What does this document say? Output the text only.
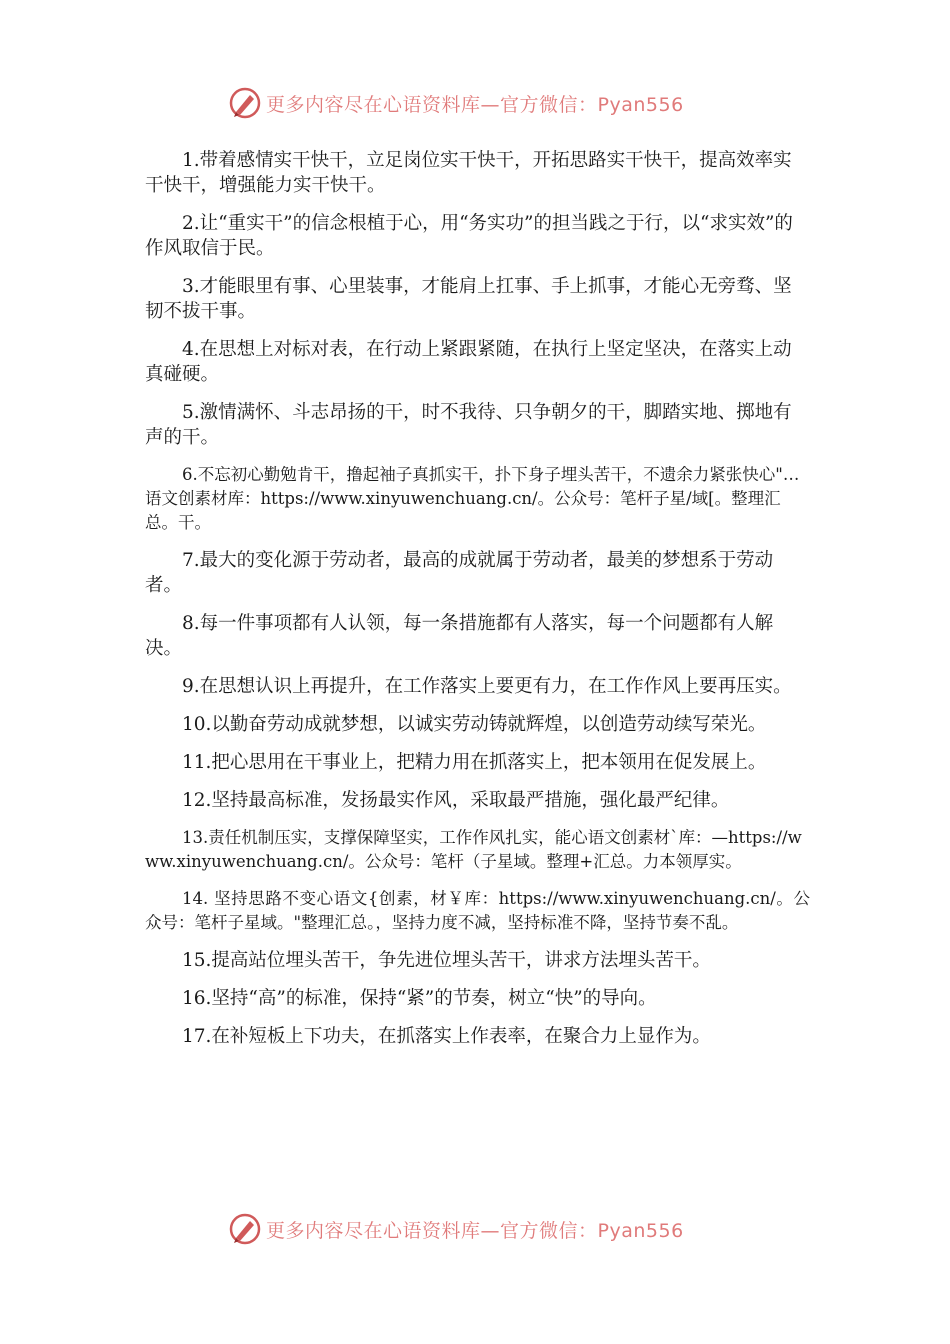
更多内容尽在心语资料库—官方微信：Pyan556

1.带着感情实干快干，立足岗位实干快干，开拓思路实干快干，提高效率实干快干，增强能力实干快干。

2.让“重实干”的信念根植于心，用“务实功”的担当践之于行，以“求实效”的作风取信于民。

3.才能眼里有事、心里装事，才能肩上扛事、手上抓事，才能心无旁骛、坚韧不拔干事。

4.在思想上对标对表，在行动上紧跟紧随，在执行上坚定坚决，在落实上动真碰硬。

5.激情满怀、斗志昂扬的干，时不我待、只争朝夕的干，脚踏实地、掷地有声的干。

6.不忘初心勤勉肯干，撸起袖子真抓实干，扑下身子埋头苦干，不遗余力紧张快心"…语文创素材库：https://www.xinyuwenchuang.cn/。公众号：笔杆子星/域[。整理汇总。干。

7.最大的变化源于劳动者，最高的成就属于劳动者，最美的梦想系于劳动者。

8.每一件事项都有人认领，每一条措施都有人落实，每一个问题都有人解决。

9.在思想认识上再提升，在工作落实上要更有力，在工作作风上要再压实。

10.以勤奋劳动成就梦想，以诚实劳动铸就辉煌，以创造劳动续写荣光。

11.把心思用在干事业上，把精力用在抓落实上，把本领用在促发展上。

12.坚持最高标准，发扬最实作风，采取最严措施，强化最严纪律。

13.责任机制压实，支撑保障坚实，工作作风扎实，能心语文创素材`库：—https://www.xinyuwenchuang.cn/。公众号：笔杆（子星域。整理+汇总。力本领厚实。

14. 坚持思路不变心语文{创素，材￥库：https://www.xinyuwenchuang.cn/。公众号：笔杆子星域。"整理汇总。，坚持力度不减，坚持标准不降，坚持节奏不乱。

15.提高站位埋头苦干，争先进位埋头苦干，讲求方法埋头苦干。

16.坚持“高”的标准，保持“紧”的节奏，树立“快”的导向。

17.在补短板上下功夫，在抓落实上作表率，在聚合力上显作为。

更多内容尽在心语资料库—官方微信：Pyan556
